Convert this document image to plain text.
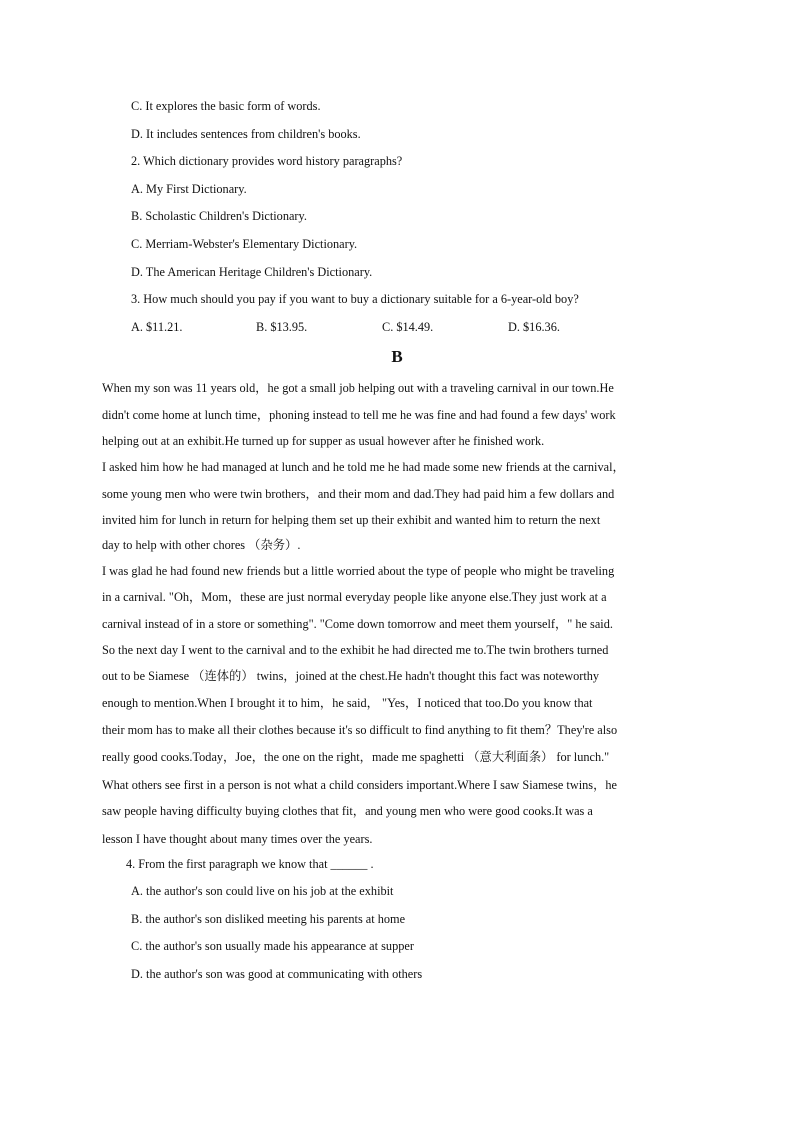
C. It explores the basic form of words.
D. It includes sentences from children's books.
2. Which dictionary provides word history paragraphs?
A. My First Dictionary.
B. Scholastic Children's Dictionary.
C. Merriam-Webster's Elementary Dictionary.
D. The American Heritage Children's Dictionary.
3. How much should you pay if you want to buy a dictionary suitable for a 6-year-old boy?
A. $11.21.	B. $13.95.	C. $14.49.	D. $16.36.
B
When my son was 11 years old，he got a small job helping out with a traveling carnival in our town.He
didn't come home at lunch time，phoning instead to tell me he was fine and had found a few days' work
helping out at an exhibit.He turned up for supper as usual however after he finished work.
I asked him how he had managed at lunch and he told me he had made some new friends at the carnival，
some young men who were twin brothers，and their mom and dad.They had paid him a few dollars and
invited him for lunch in return for helping them set up their exhibit and wanted him to return the next
day to help with other chores （杂务）.
I was glad he had found new friends but a little worried about the type of people who might be traveling
in a carnival. "Oh，Mom，these are just normal everyday people like anyone else.They just work at a
carnival instead of in a store or something". "Come down tomorrow and meet them yourself，" he said.
So the next day I went to the carnival and to the exhibit he had directed me to.The twin brothers turned
out to be Siamese （连体的） twins，joined at the chest.He hadn't thought this fact was noteworthy
enough to mention.When I brought it to him，he said， "Yes，I noticed that too.Do you know that
their mom has to make all their clothes because it's so difficult to find anything to fit them？They're also
really good cooks.Today，Joe，the one on the right，made me spaghetti （意大利面条） for lunch."
What others see first in a person is not what a child considers important.Where I saw Siamese twins，he
saw people having difficulty buying clothes that fit，and young men who were good cooks.It was a
lesson I have thought about many times over the years.
4. From the first paragraph we know that ______ .
A. the author's son could live on his job at the exhibit
B. the author's son disliked meeting his parents at home
C. the author's son usually made his appearance at supper
D. the author's son was good at communicating with others
